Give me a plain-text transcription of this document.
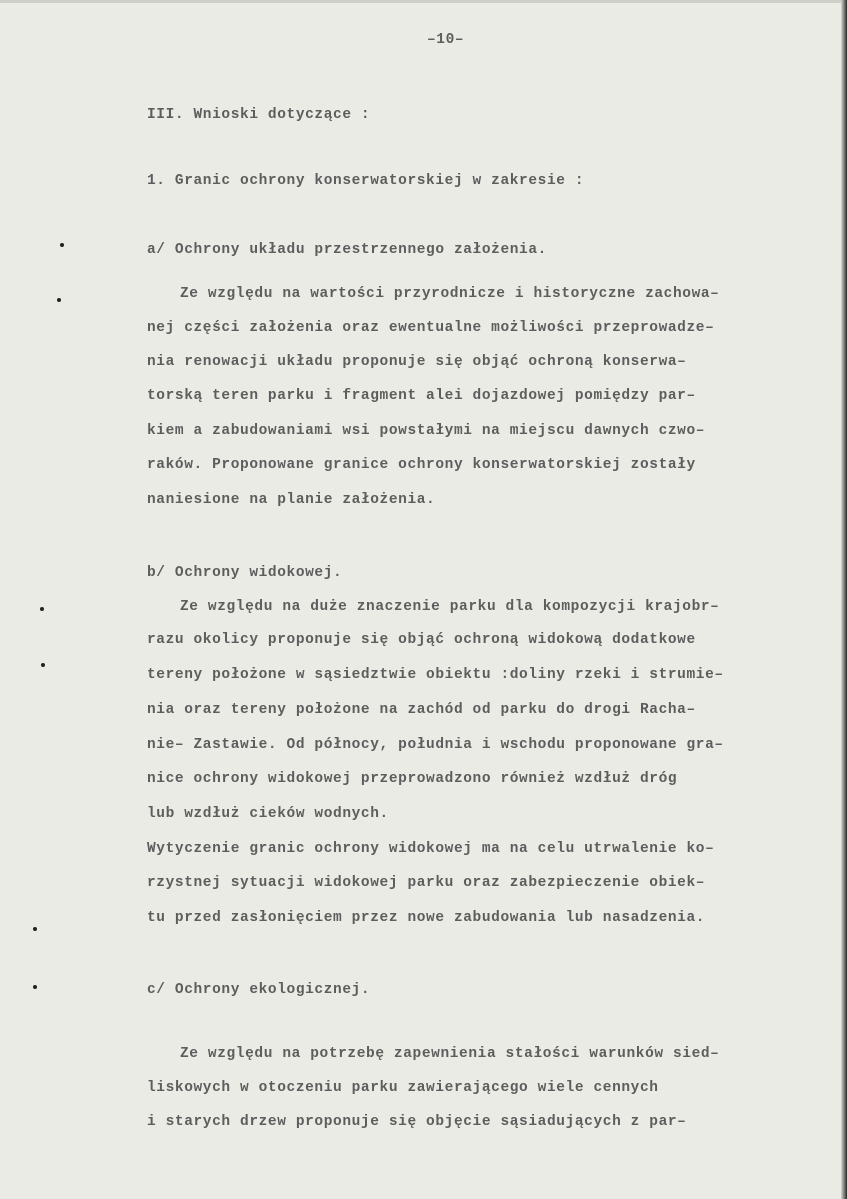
–10–
III. Wnioski dotyczące :
1. Granic ochrony konserwatorskiej w zakresie :
a/ Ochrony układu przestrzennego założenia.
Ze względu na wartości przyrodnicze i historyczne zachowa–
nej części założenia oraz ewentualne możliwości przeprowadze–
nia renowacji układu proponuje się objąć ochroną konserwa–
torską teren parku i fragment alei dojazdowej pomiędzy par–
kiem a zabudowaniami wsi powstałymi na miejscu dawnych czwo–
raków. Proponowane granice ochrony konserwatorskiej zostały
naniesione na planie założenia.
b/ Ochrony widokowej.
Ze względu na duże znaczenie parku dla kompozycji krajobr–
razu okolicy proponuje się objąć ochroną widokową dodatkowe
tereny położone w sąsiedztwie obiektu :doliny rzeki i strumie–
nia oraz tereny położone na zachód od parku do drogi Racha–
nie– Zastawie. Od północy, południa i wschodu proponowane gra–
nice ochrony widokowej przeprowadzono również wzdłuż dróg
lub wzdłuż cieków wodnych.
Wytyczenie granic ochrony widokowej ma na celu utrwalenie ko–
rzystnej sytuacji widokowej parku oraz zabezpieczenie obiek–
tu przed zasłonięciem przez nowe zabudowania lub nasadzenia.
c/ Ochrony ekologicznej.
Ze względu na potrzebę zapewnienia stałości warunków sied–
liskowych w otoczeniu parku zawierającego wiele cennych
i starych drzew proponuje się objęcie sąsiadujących z par–
